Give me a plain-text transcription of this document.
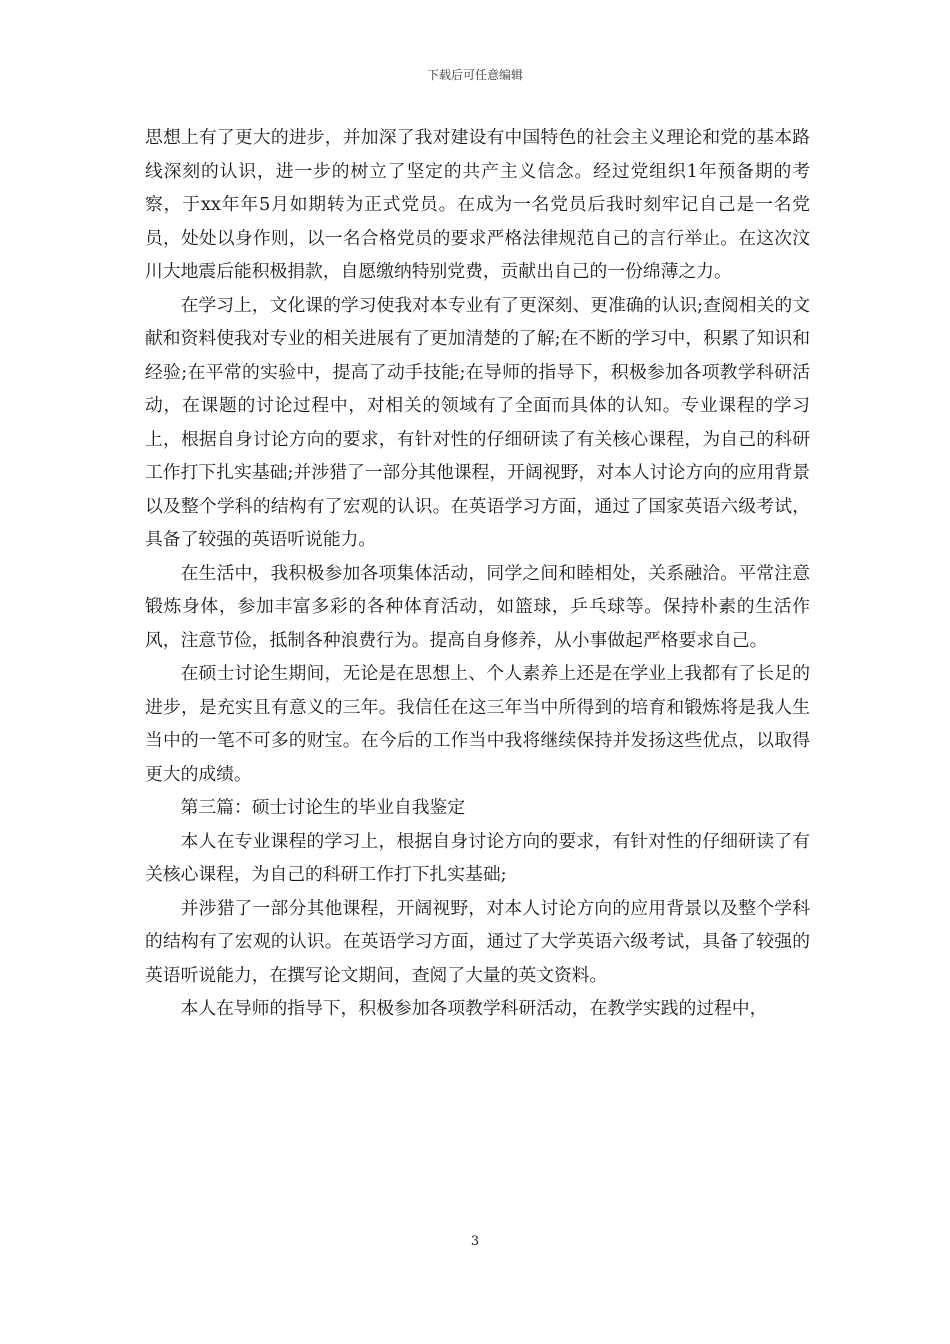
下载后可任意编辑

思想上有了更大的进步，并加深了我对建设有中国特色的社会主义理论和党的基本路线深刻的认识，进一步的树立了坚定的共产主义信念。经过党组织1年预备期的考察，于xx年年5月如期转为正式党员。在成为一名党员后我时刻牢记自己是一名党员，处处以身作则，以一名合格党员的要求严格法律规范自己的言行举止。在这次汶川大地震后能积极捐款，自愿缴纳特别党费，贡献出自己的一份绵薄之力。

在学习上，文化课的学习使我对本专业有了更深刻、更准确的认识;查阅相关的文献和资料使我对专业的相关进展有了更加清楚的了解;在不断的学习中，积累了知识和经验;在平常的实验中，提高了动手技能;在导师的指导下，积极参加各项教学科研活动，在课题的讨论过程中，对相关的领域有了全面而具体的认知。专业课程的学习上，根据自身讨论方向的要求，有针对性的仔细研读了有关核心课程，为自己的科研工作打下扎实基础;并涉猎了一部分其他课程，开阔视野，对本人讨论方向的应用背景以及整个学科的结构有了宏观的认识。在英语学习方面，通过了国家英语六级考试，具备了较强的英语听说能力。

在生活中，我积极参加各项集体活动，同学之间和睦相处，关系融洽。平常注意锻炼身体，参加丰富多彩的各种体育活动，如篮球，乒乓球等。保持朴素的生活作风，注意节俭，抵制各种浪费行为。提高自身修养，从小事做起严格要求自己。

在硕士讨论生期间，无论是在思想上、个人素养上还是在学业上我都有了长足的进步，是充实且有意义的三年。我信任在这三年当中所得到的培育和锻炼将是我人生当中的一笔不可多的财宝。在今后的工作当中我将继续保持并发扬这些优点，以取得更大的成绩。

第三篇：硕士讨论生的毕业自我鉴定

本人在专业课程的学习上，根据自身讨论方向的要求，有针对性的仔细研读了有关核心课程，为自己的科研工作打下扎实基础;

并涉猎了一部分其他课程，开阔视野，对本人讨论方向的应用背景以及整个学科的结构有了宏观的认识。在英语学习方面，通过了大学英语六级考试，具备了较强的英语听说能力，在撰写论文期间，查阅了大量的英文资料。

本人在导师的指导下，积极参加各项教学科研活动，在教学实践的过程中，

3
